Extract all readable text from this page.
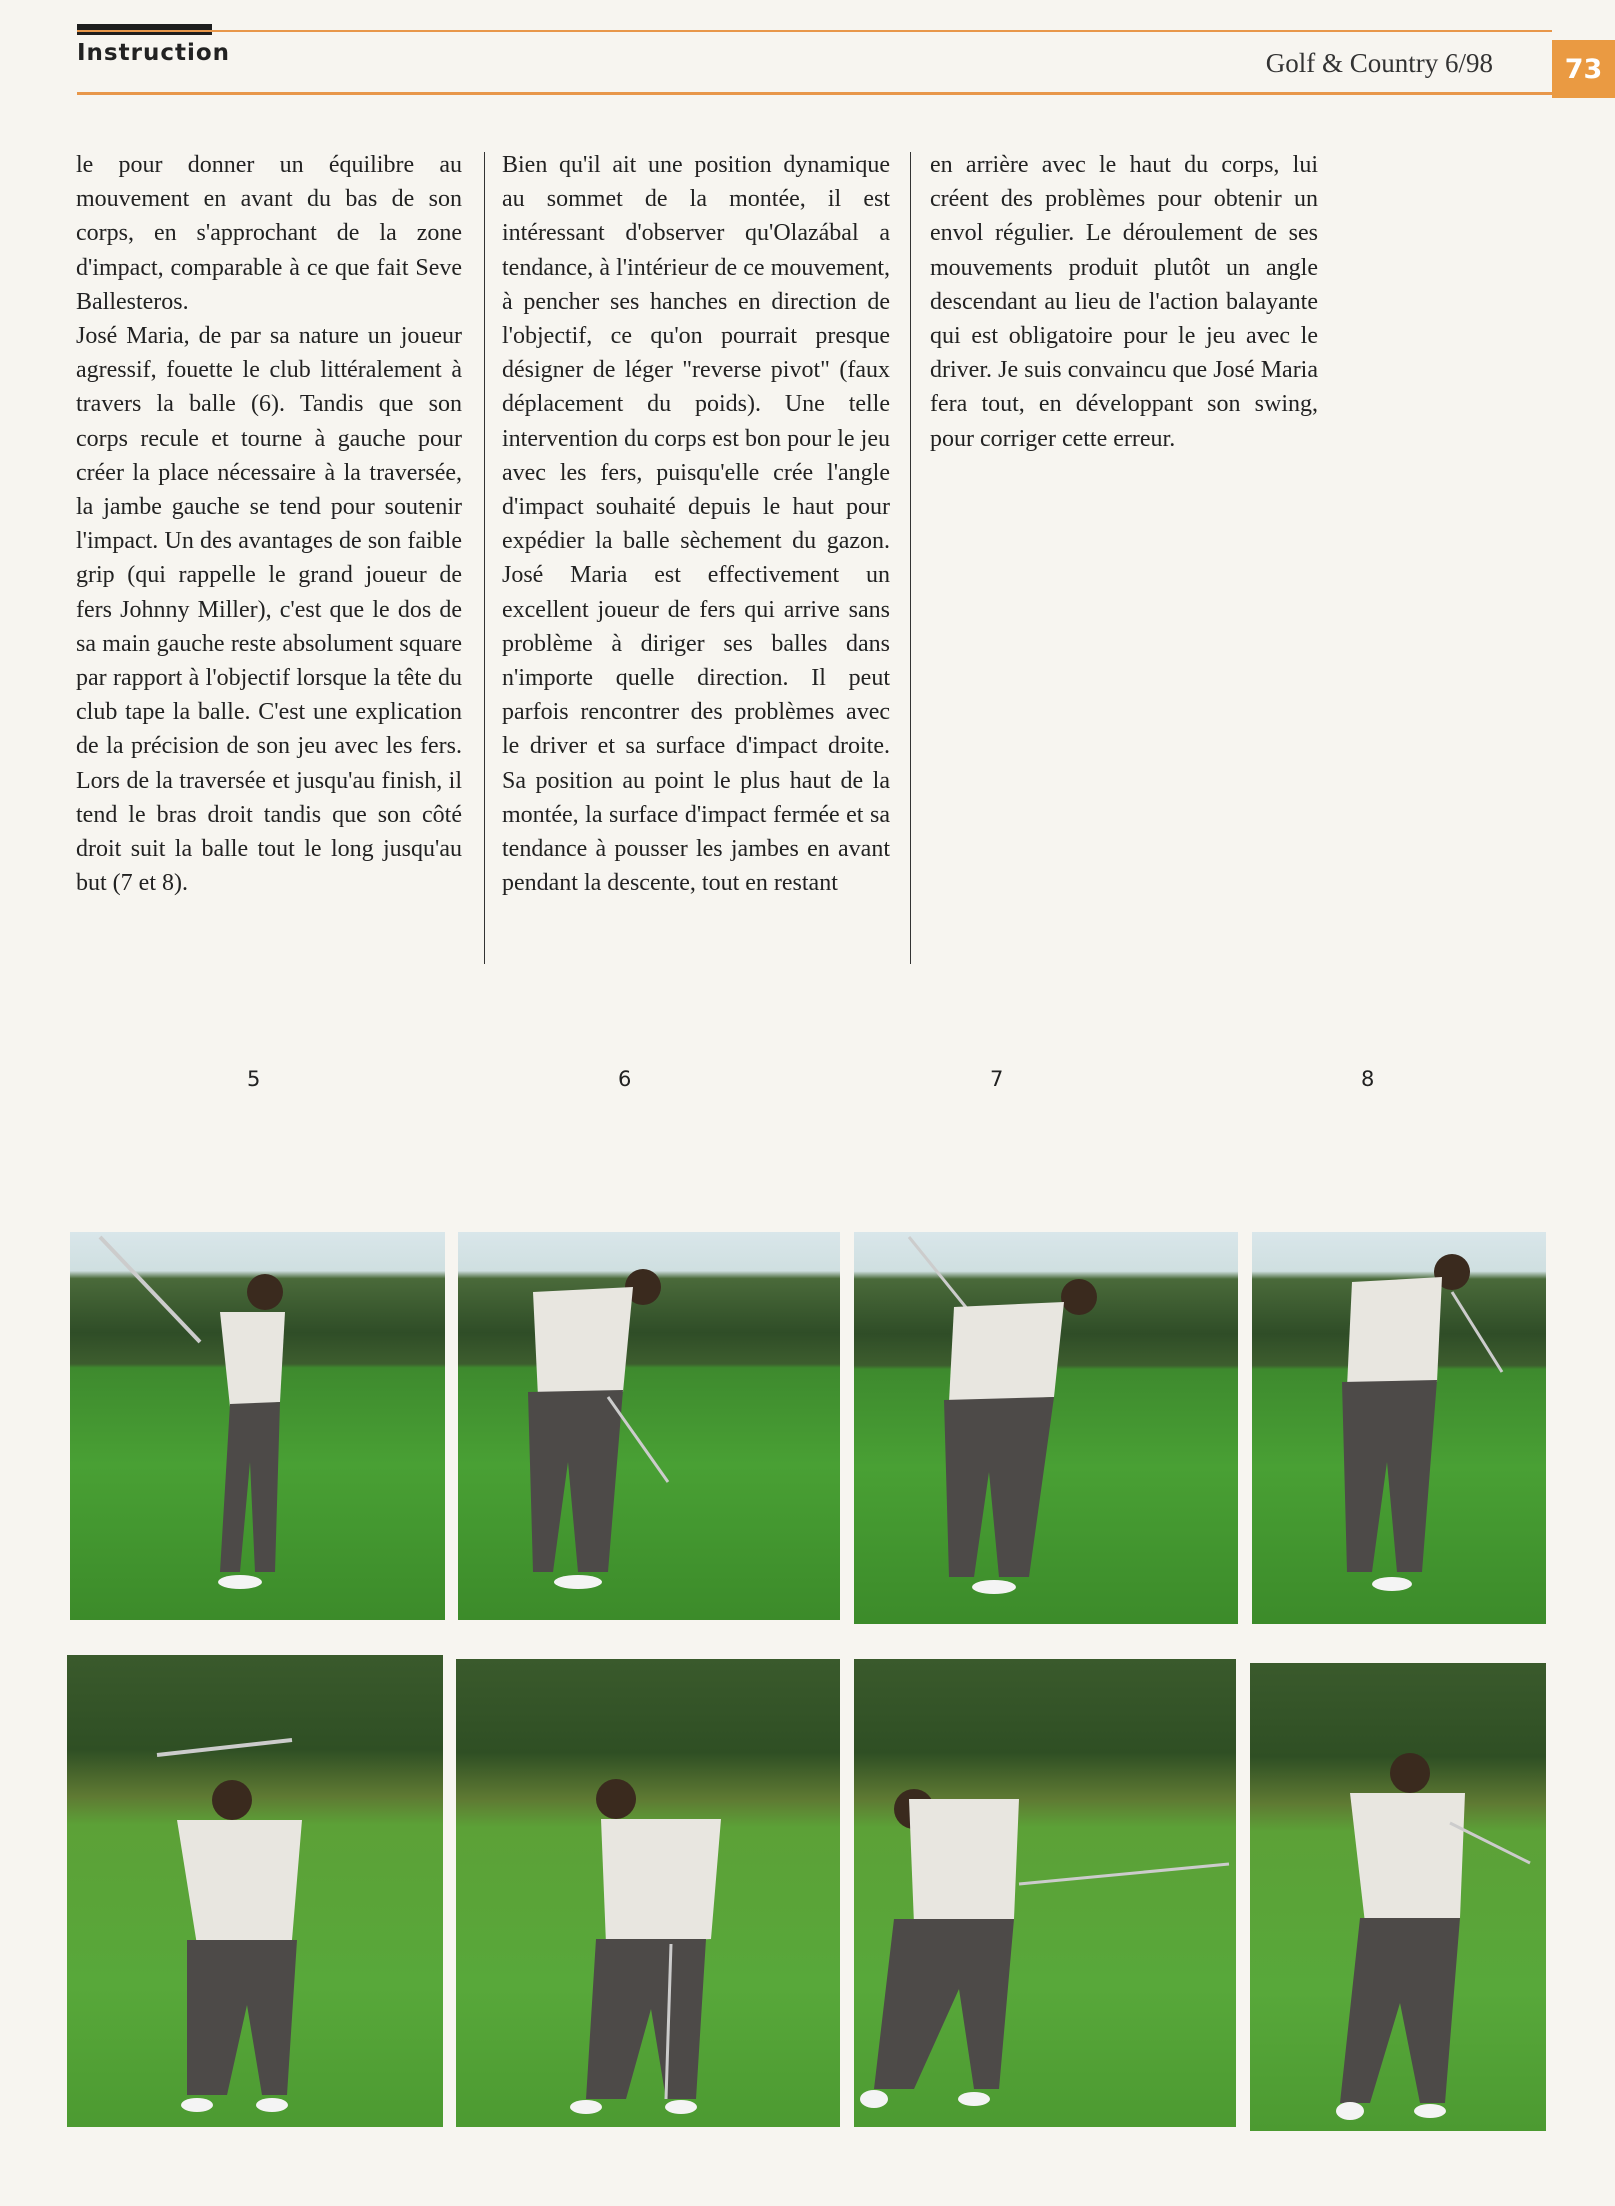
Instruction	Golf & Country 6/98	73

le pour donner un équilibre au mouvement en avant du bas de son corps, en s'approchant de la zone d'impact, comparable à ce que fait Seve Ballesteros.

José Maria, de par sa nature un joueur agressif, fouette le club littéralement à travers la balle (6). Tandis que son corps recule et tourne à gauche pour créer la place nécessaire à la traversée, la jambe gauche se tend pour soutenir l'impact. Un des avantages de son faible grip (qui rappelle le grand joueur de fers Johnny Miller), c'est que le dos de sa main gauche reste absolument square par rapport à l'objectif lorsque la tête du club tape la balle. C'est une explication de la précision de son jeu avec les fers. Lors de la traversée et jusqu'au finish, il tend le bras droit tandis que son côté droit suit la balle tout le long jusqu'au but (7 et 8).

Bien qu'il ait une position dynamique au sommet de la montée, il est intéressant d'observer qu'Olazábal a tendance, à l'intérieur de ce mouvement, à pencher ses hanches en direction de l'objectif, ce qu'on pourrait presque désigner de léger "reverse pivot" (faux déplacement du poids). Une telle intervention du corps est bon pour le jeu avec les fers, puisqu'elle crée l'angle d'impact souhaité depuis le haut pour expédier la balle sèchement du gazon. José Maria est effectivement un excellent joueur de fers qui arrive sans problème à diriger ses balles dans n'importe quelle direction. Il peut parfois rencontrer des problèmes avec le driver et sa surface d'impact droite. Sa position au point le plus haut de la montée, la surface d'impact fermée et sa tendance à pousser les jambes en avant pendant la descente, tout en restant

en arrière avec le haut du corps, lui créent des problèmes pour obtenir un envol régulier. Le déroulement de ses mouvements produit plutôt un angle descendant au lieu de l'action balayante qui est obligatoire pour le jeu avec le driver. Je suis convaincu que José Maria fera tout, en développant son swing, pour corriger cette erreur.

5	6	7	8
